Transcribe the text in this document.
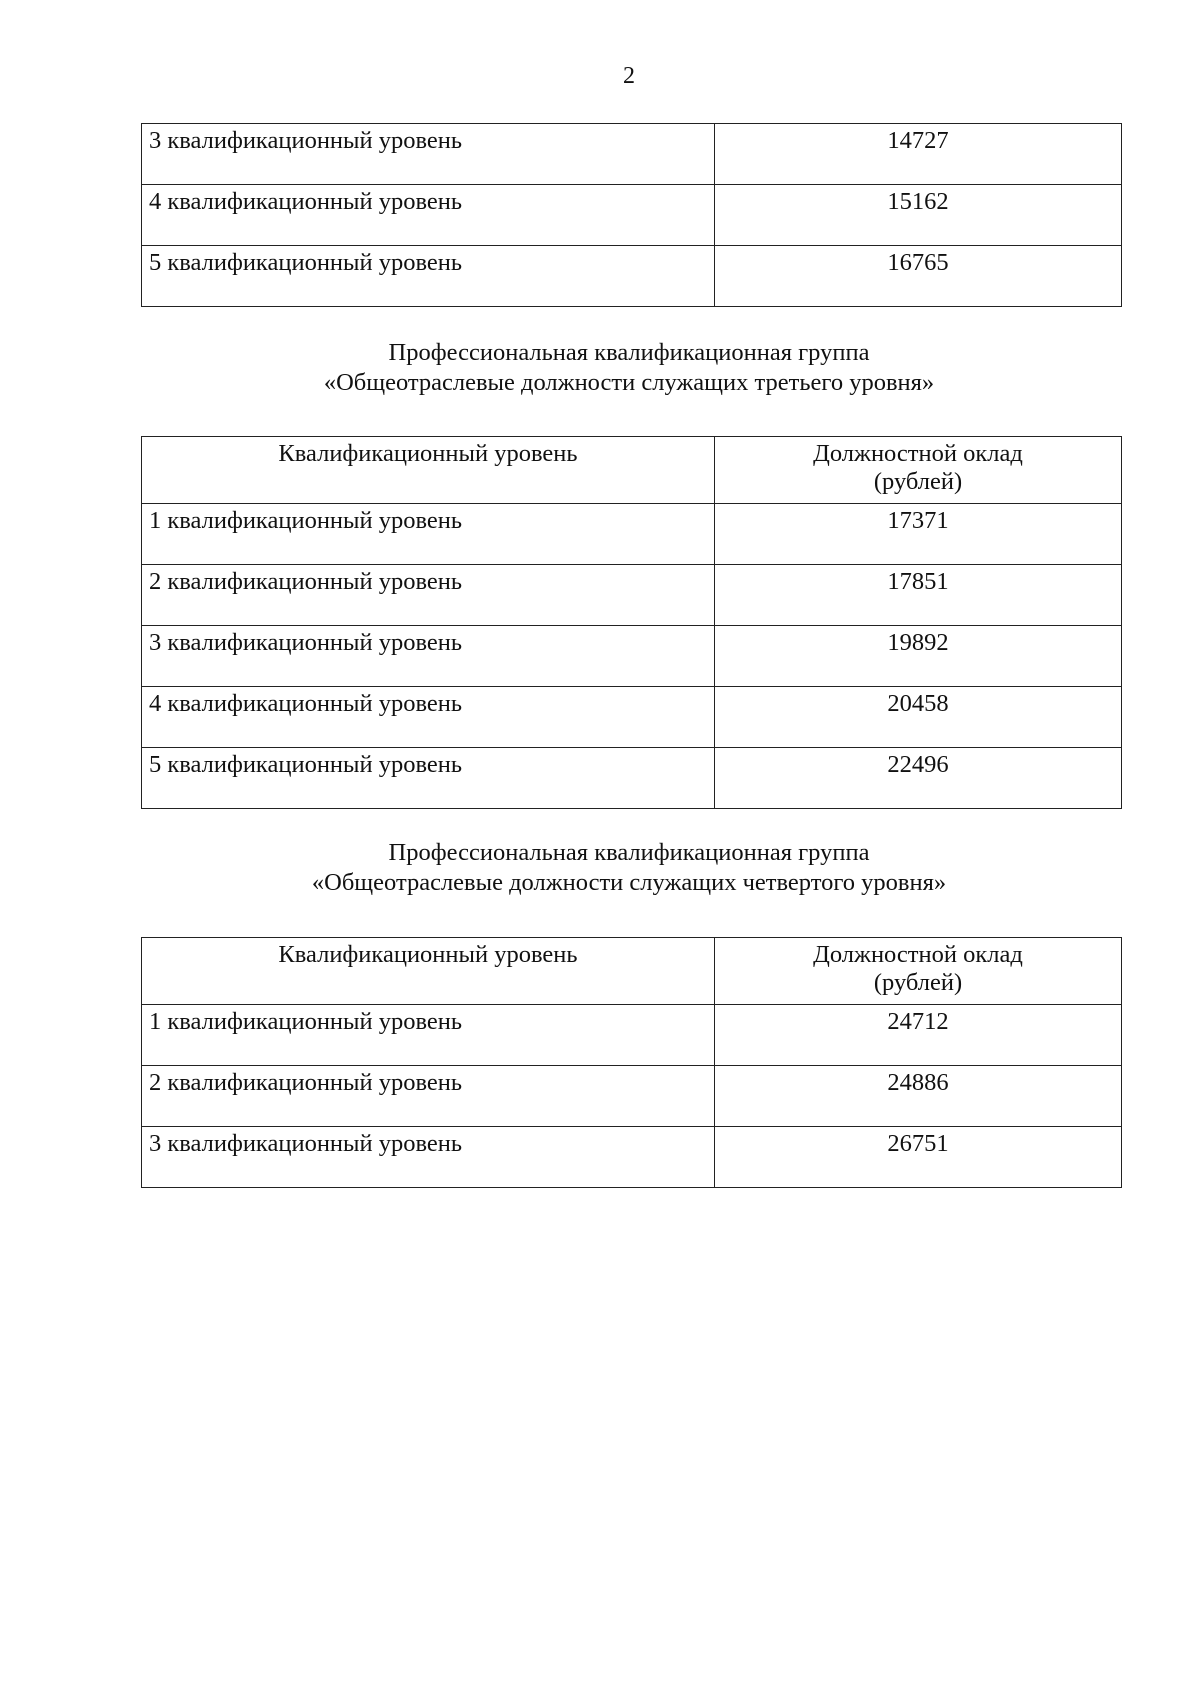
2
3 квалификационный уровень	14727
4 квалификационный уровень	15162
5 квалификационный уровень	16765
Профессиональная квалификационная группа
«Общеотраслевые должности служащих третьего уровня»
Квалификационный уровень	Должностной оклад
(рублей)

1 квалификационный уровень	17371
2 квалификационный уровень	17851
3 квалификационный уровень	19892
4 квалификационный уровень	20458
5 квалификационный уровень	22496
Профессиональная квалификационная группа
«Общеотраслевые должности служащих четвертого уровня»
Квалификационный уровень	Должностной оклад
(рублей)

1 квалификационный уровень	24712
2 квалификационный уровень	24886
3 квалификационный уровень	26751
